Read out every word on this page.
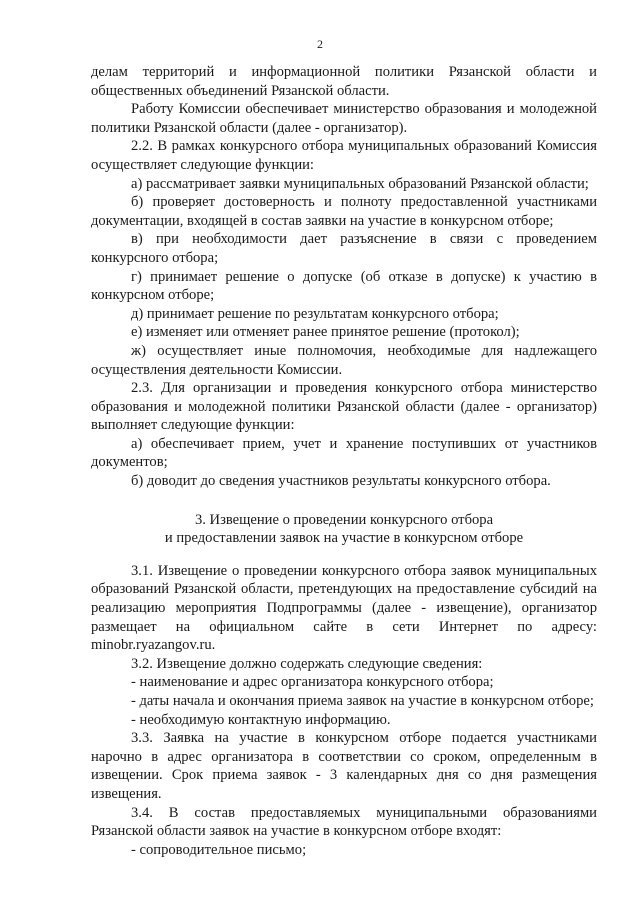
2

делам территорий и информационной политики Рязанской области и общественных объединений Рязанской области.

Работу Комиссии обеспечивает министерство образования и молодежной политики Рязанской области (далее - организатор).

2.2. В рамках конкурсного отбора муниципальных образований Комиссия осуществляет следующие функции:

а) рассматривает заявки муниципальных образований Рязанской области;

б) проверяет достоверность и полноту предоставленной участниками документации, входящей в состав заявки на участие в конкурсном отборе;

в) при необходимости дает разъяснение в связи с проведением конкурсного отбора;

г) принимает решение о допуске (об отказе в допуске) к участию в конкурсном отборе;

д) принимает решение по результатам конкурсного отбора;

е) изменяет или отменяет ранее принятое решение (протокол);

ж) осуществляет иные полномочия, необходимые для надлежащего осуществления деятельности Комиссии.

2.3. Для организации и проведения конкурсного отбора министерство образования и молодежной политики Рязанской области (далее - организатор) выполняет следующие функции:

а) обеспечивает прием, учет и хранение поступивших от участников документов;

б) доводит до сведения участников результаты конкурсного отбора.

3. Извещение о проведении конкурсного отбора
и предоставлении заявок на участие в конкурсном отборе

3.1. Извещение о проведении конкурсного отбора заявок муниципальных образований Рязанской области, претендующих на предоставление субсидий на реализацию мероприятия Подпрограммы (далее - извещение), организатор размещает на официальном сайте в сети Интернет по адресу: minobr.ryazangov.ru.

3.2. Извещение должно содержать следующие сведения:

- наименование и адрес организатора конкурсного отбора;

- даты начала и окончания приема заявок на участие в конкурсном отборе;

- необходимую контактную информацию.

3.3. Заявка на участие в конкурсном отборе подается участниками нарочно в адрес организатора в соответствии со сроком, определенным в извещении. Срок приема заявок - 3 календарных дня со дня размещения извещения.

3.4. В состав предоставляемых муниципальными образованиями Рязанской области заявок на участие в конкурсном отборе входят:

- сопроводительное письмо;
